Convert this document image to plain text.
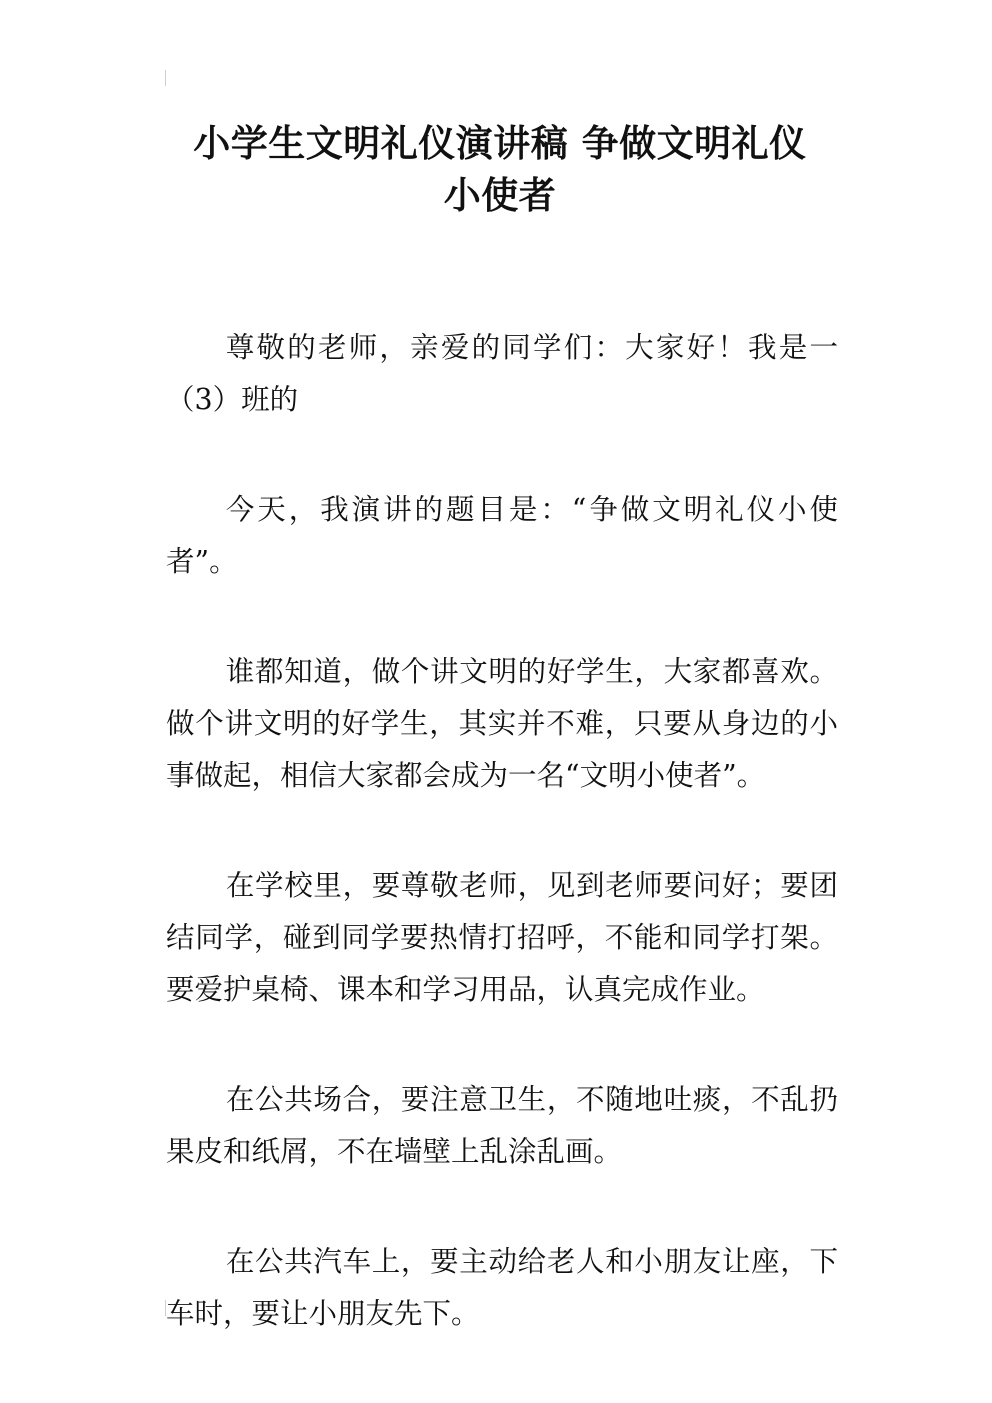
小学生文明礼仪演讲稿 争做文明礼仪
小使者

尊敬的老师，亲爱的同学们：大家好！我是一（3）班的

今天，我演讲的题目是：“争做文明礼仪小使者”。

谁都知道，做个讲文明的好学生，大家都喜欢。做个讲文明的好学生，其实并不难，只要从身边的小事做起，相信大家都会成为一名“文明小使者”。

在学校里，要尊敬老师，见到老师要问好；要团结同学，碰到同学要热情打招呼，不能和同学打架。要爱护桌椅、课本和学习用品，认真完成作业。

在公共场合，要注意卫生，不随地吐痰，不乱扔果皮和纸屑，不在墙壁上乱涂乱画。

在公共汽车上，要主动给老人和小朋友让座，下车时，要让小朋友先下。
